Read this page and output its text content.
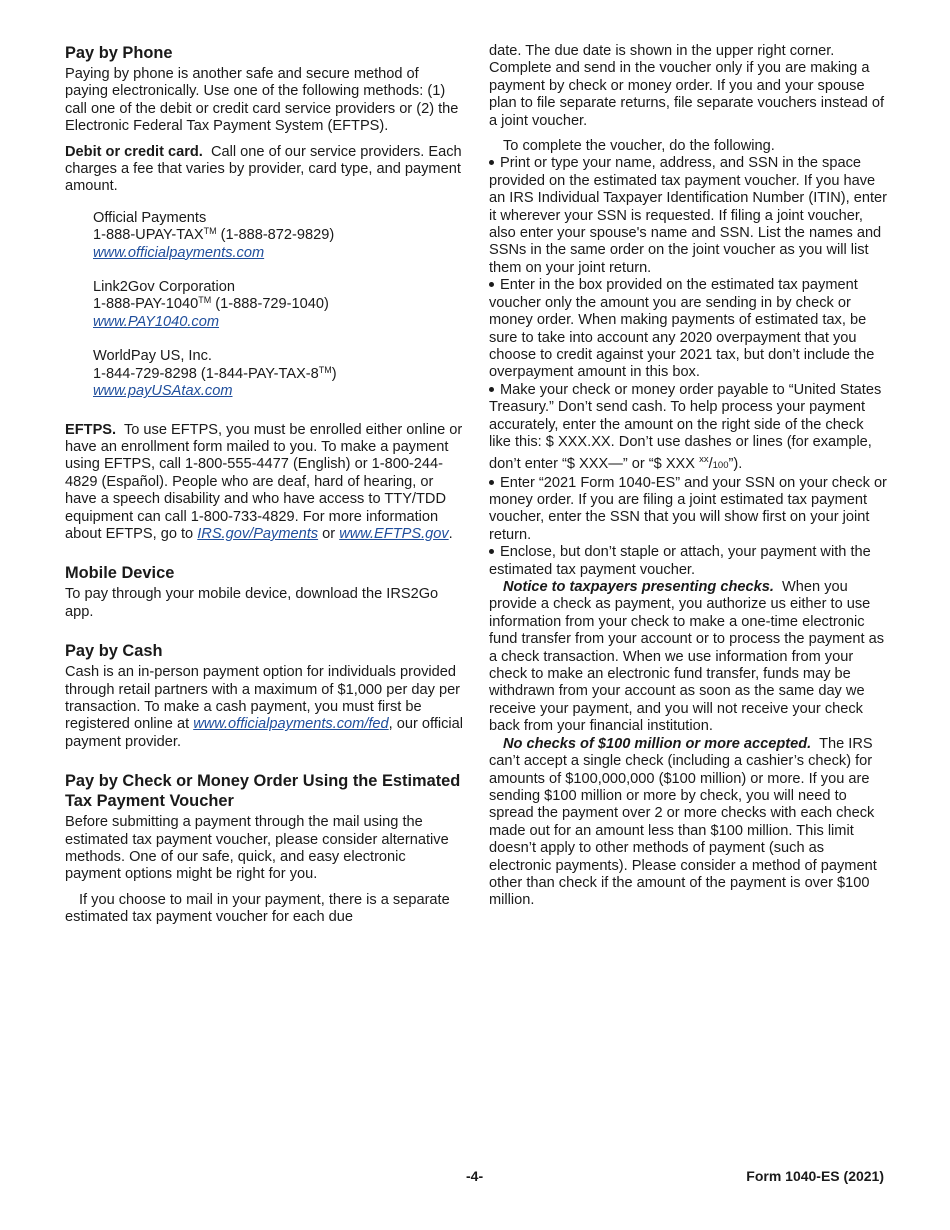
Pay by Phone

Paying by phone is another safe and secure method of paying electronically. Use one of the following methods: (1) call one of the debit or credit card service providers or (2) the Electronic Federal Tax Payment System (EFTPS).

Debit or credit card. Call one of our service providers. Each charges a fee that varies by provider, card type, and payment amount.

Official Payments
1-888-UPAY-TAX™ (1-888-872-9829)
www.officialpayments.com
Link2Gov Corporation
1-888-PAY-1040™ (1-888-729-1040)
www.PAY1040.com
WorldPay US, Inc.
1-844-729-8298 (1-844-PAY-TAX-8™)
www.payUSAtax.com

EFTPS. To use EFTPS, you must be enrolled either online or have an enrollment form mailed to you. To make a payment using EFTPS, call 1-800-555-4477 (English) or 1-800-244-4829 (Español). People who are deaf, hard of hearing, or have a speech disability and who have access to TTY/TDD equipment can call 1-800-733-4829. For more information about EFTPS, go to IRS.gov/Payments or www.EFTPS.gov.

Mobile Device

To pay through your mobile device, download the IRS2Go app.

Pay by Cash

Cash is an in-person payment option for individuals provided through retail partners with a maximum of $1,000 per day per transaction. To make a cash payment, you must first be registered online at www.officialpayments.com/fed, our official payment provider.

Pay by Check or Money Order Using the Estimated Tax Payment Voucher

Before submitting a payment through the mail using the estimated tax payment voucher, please consider alternative methods. One of our safe, quick, and easy electronic payment options might be right for you.

If you choose to mail in your payment, there is a separate estimated tax payment voucher for each due

date. The due date is shown in the upper right corner. Complete and send in the voucher only if you are making a payment by check or money order. If you and your spouse plan to file separate returns, file separate vouchers instead of a joint voucher.

To complete the voucher, do the following.

Print or type your name, address, and SSN in the space provided on the estimated tax payment voucher. If you have an IRS Individual Taxpayer Identification Number (ITIN), enter it wherever your SSN is requested. If filing a joint voucher, also enter your spouse's name and SSN. List the names and SSNs in the same order on the joint voucher as you will list them on your joint return.

Enter in the box provided on the estimated tax payment voucher only the amount you are sending in by check or money order. When making payments of estimated tax, be sure to take into account any 2020 overpayment that you choose to credit against your 2021 tax, but don’t include the overpayment amount in this box.

Make your check or money order payable to “United States Treasury.” Don’t send cash. To help process your payment accurately, enter the amount on the right side of the check like this: $ XXX.XX. Don’t use dashes or lines (for example, don’t enter “$ XXX—” or “$ XXX $^{xx}$/100”).

Enter “2021 Form 1040-ES” and your SSN on your check or money order. If you are filing a joint estimated tax payment voucher, enter the SSN that you will show first on your joint return.

Enclose, but don’t staple or attach, your payment with the estimated tax payment voucher.

Notice to taxpayers presenting checks. When you provide a check as payment, you authorize us either to use information from your check to make a one-time electronic fund transfer from your account or to process the payment as a check transaction. When we use information from your check to make an electronic fund transfer, funds may be withdrawn from your account as soon as the same day we receive your payment, and you will not receive your check back from your financial institution.

No checks of $100 million or more accepted. The IRS can’t accept a single check (including a cashier’s check) for amounts of $100,000,000 ($100 million) or more. If you are sending $100 million or more by check, you will need to spread the payment over 2 or more checks with each check made out for an amount less than $100 million. This limit doesn’t apply to other methods of payment (such as electronic payments). Please consider a method of payment other than check if the amount of the payment is over $100 million.

-4-	Form 1040-ES (2021)
